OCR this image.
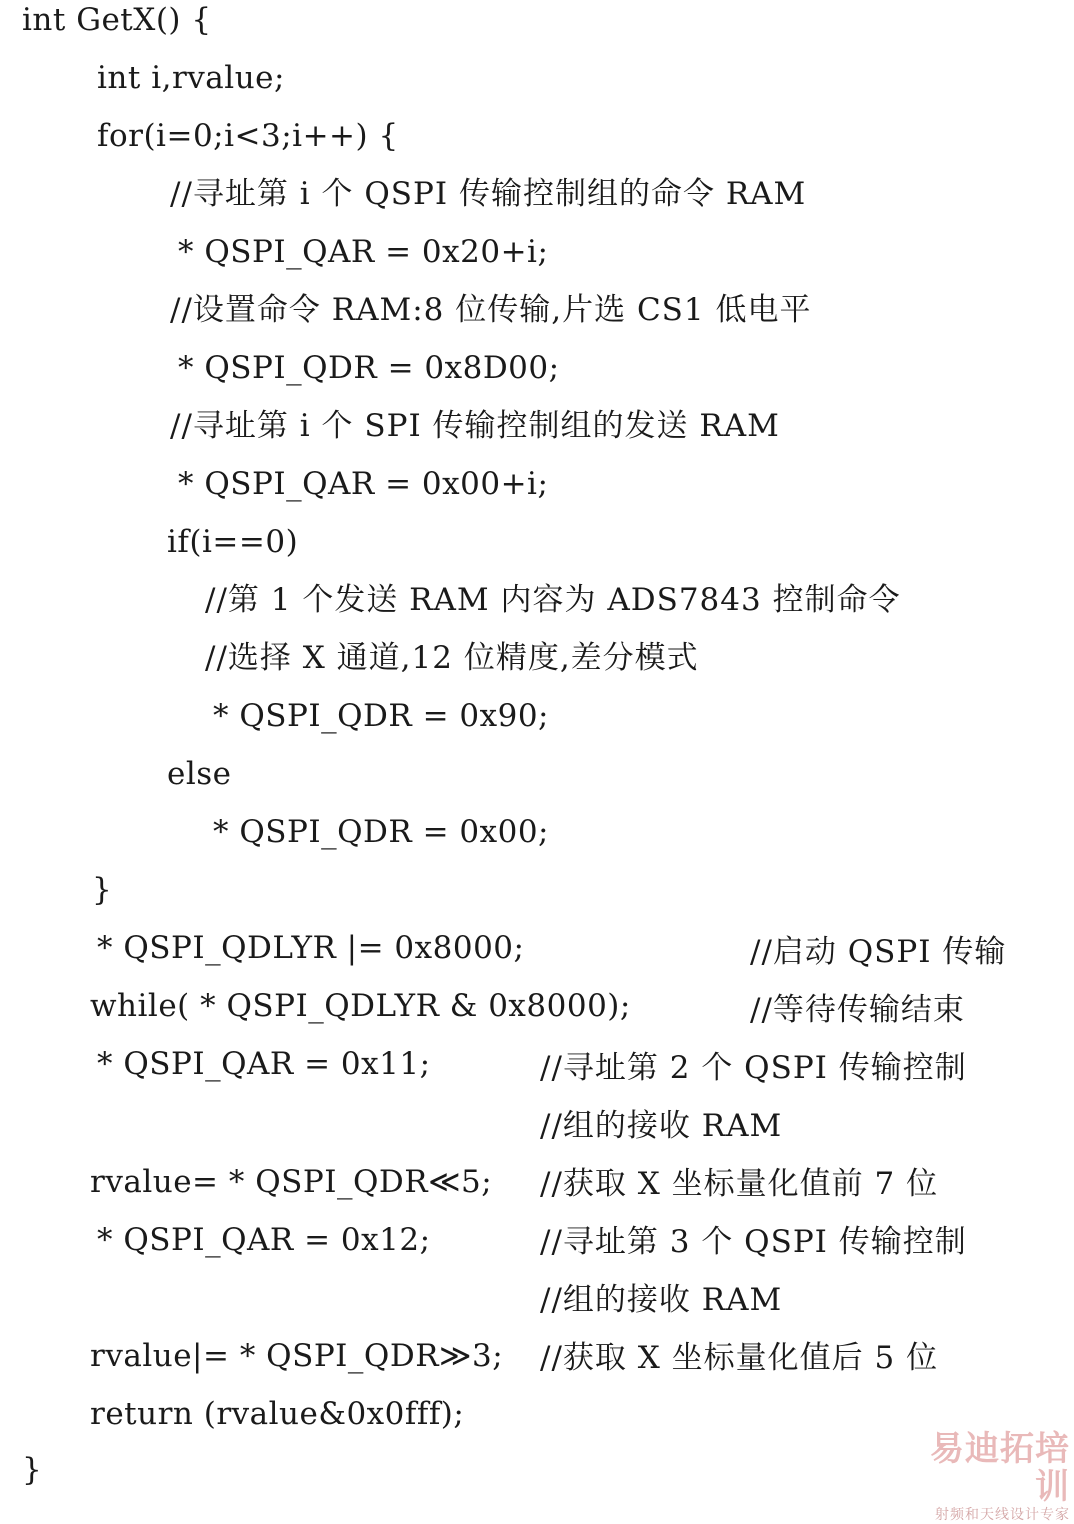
int GetX() {
int i,rvalue;
for(i=0;i<3;i++) {
//寻址第 i 个 QSPI 传输控制组的命令 RAM
* QSPI_QAR = 0x20+i;
//设置命令 RAM:8 位传输,片选 CS1 低电平
* QSPI_QDR = 0x8D00;
//寻址第 i 个 SPI 传输控制组的发送 RAM
* QSPI_QAR = 0x00+i;
if(i==0)
//第 1 个发送 RAM 内容为 ADS7843 控制命令
//选择 X 通道,12 位精度,差分模式
* QSPI_QDR = 0x90;
else
* QSPI_QDR = 0x00;
}
* QSPI_QDLYR |= 0x8000;	//启动 QSPI 传输
while( * QSPI_QDLYR & 0x8000);	//等待传输结束
* QSPI_QAR = 0x11;	//寻址第 2 个 QSPI 传输控制
//组的接收 RAM
rvalue= * QSPI_QDR≪5; //获取 X 坐标量化值前 7 位
* QSPI_QAR = 0x12;	//寻址第 3 个 QSPI 传输控制
//组的接收 RAM
rvalue|= * QSPI_QDR≫3; //获取 X 坐标量化值后 5 位
return (rvalue&0x0fff);
}
易迪拓培训
射频和天线设计专家
